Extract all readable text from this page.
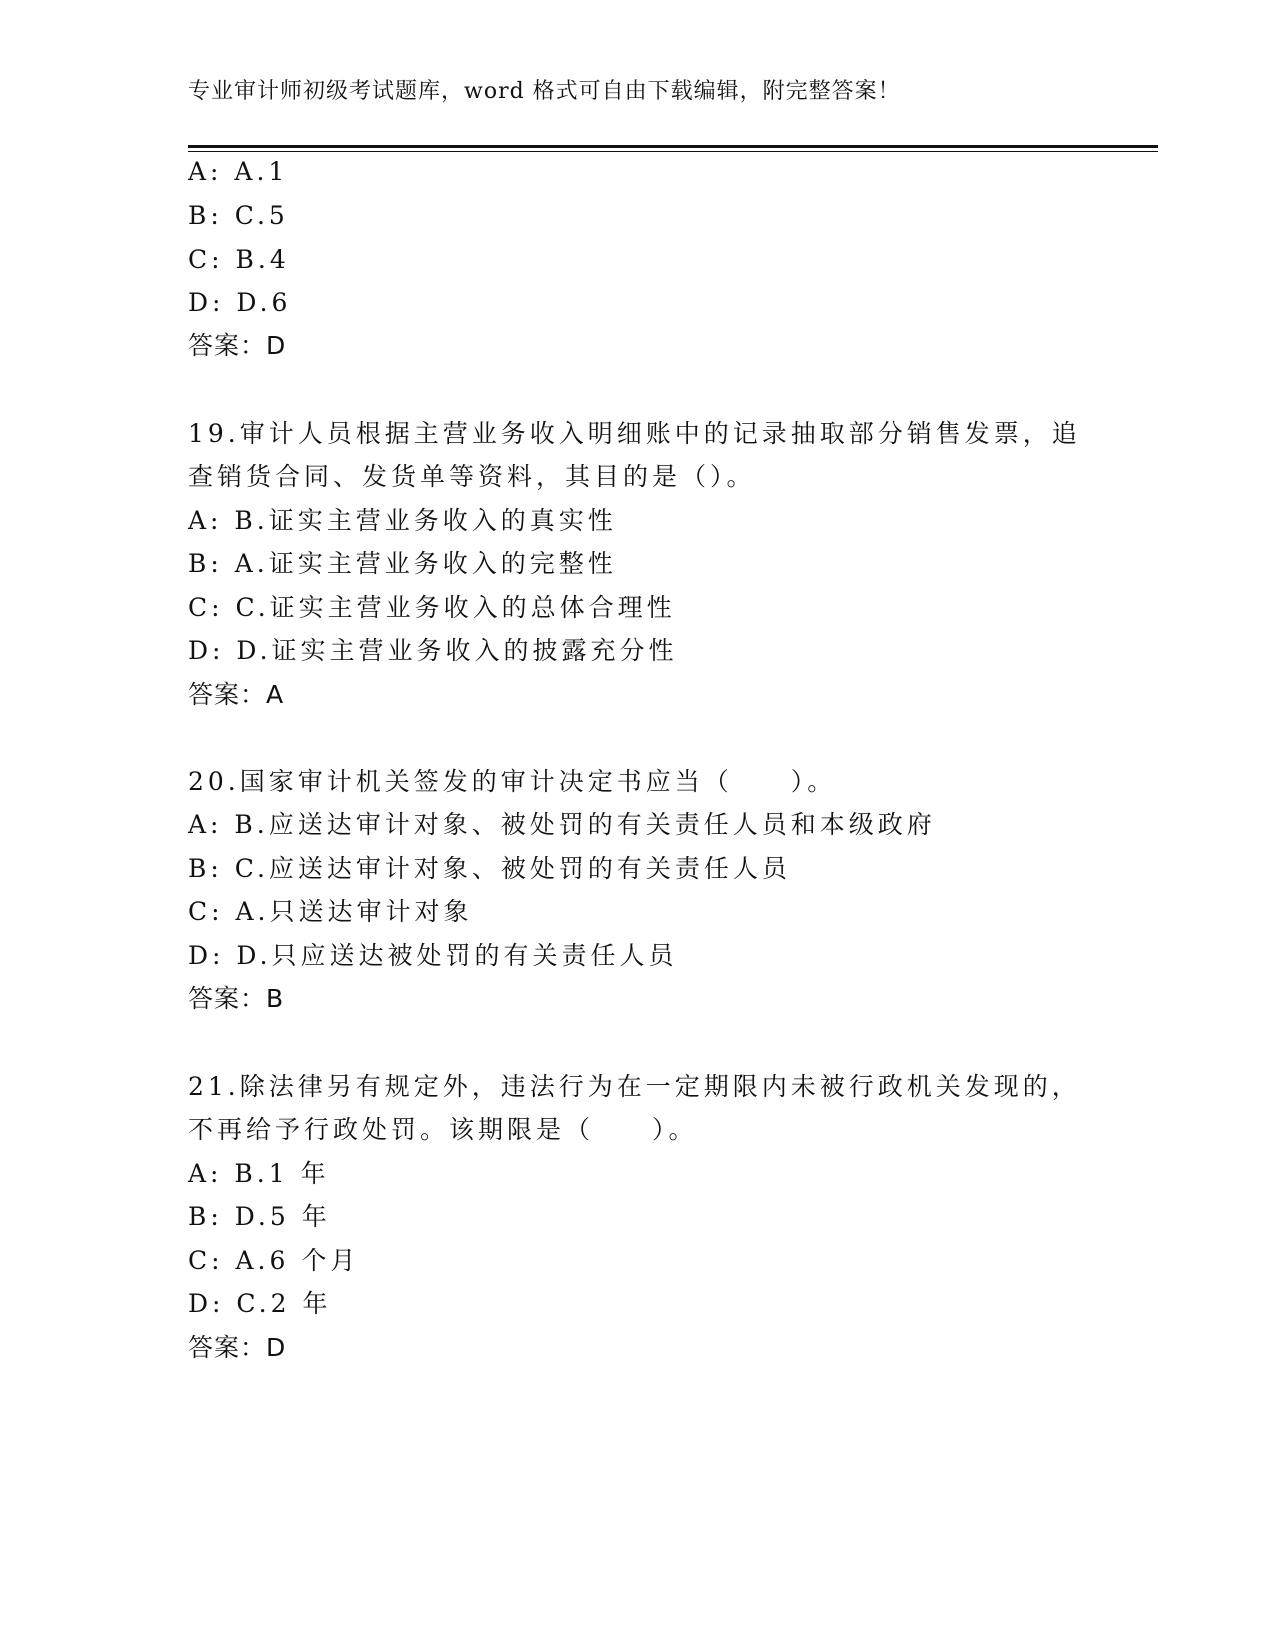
专业审计师初级考试题库，word 格式可自由下载编辑，附完整答案！
A: A.1
B: C.5
C: B.4
D: D.6
答案：D
19.审计人员根据主营业务收入明细账中的记录抽取部分销售发票，追
查销货合同、发货单等资料，其目的是（）。
A: B.证实主营业务收入的真实性
B: A.证实主营业务收入的完整性
C: C.证实主营业务收入的总体合理性
D: D.证实主营业务收入的披露充分性
答案：A
20.国家审计机关签发的审计决定书应当（　　）。
A: B.应送达审计对象、被处罚的有关责任人员和本级政府
B: C.应送达审计对象、被处罚的有关责任人员
C: A.只送达审计对象
D: D.只应送达被处罚的有关责任人员
答案：B
21.除法律另有规定外，违法行为在一定期限内未被行政机关发现的，
不再给予行政处罚。该期限是（　　）。
A: B.1 年
B: D.5 年
C: A.6 个月
D: C.2 年
答案：D
